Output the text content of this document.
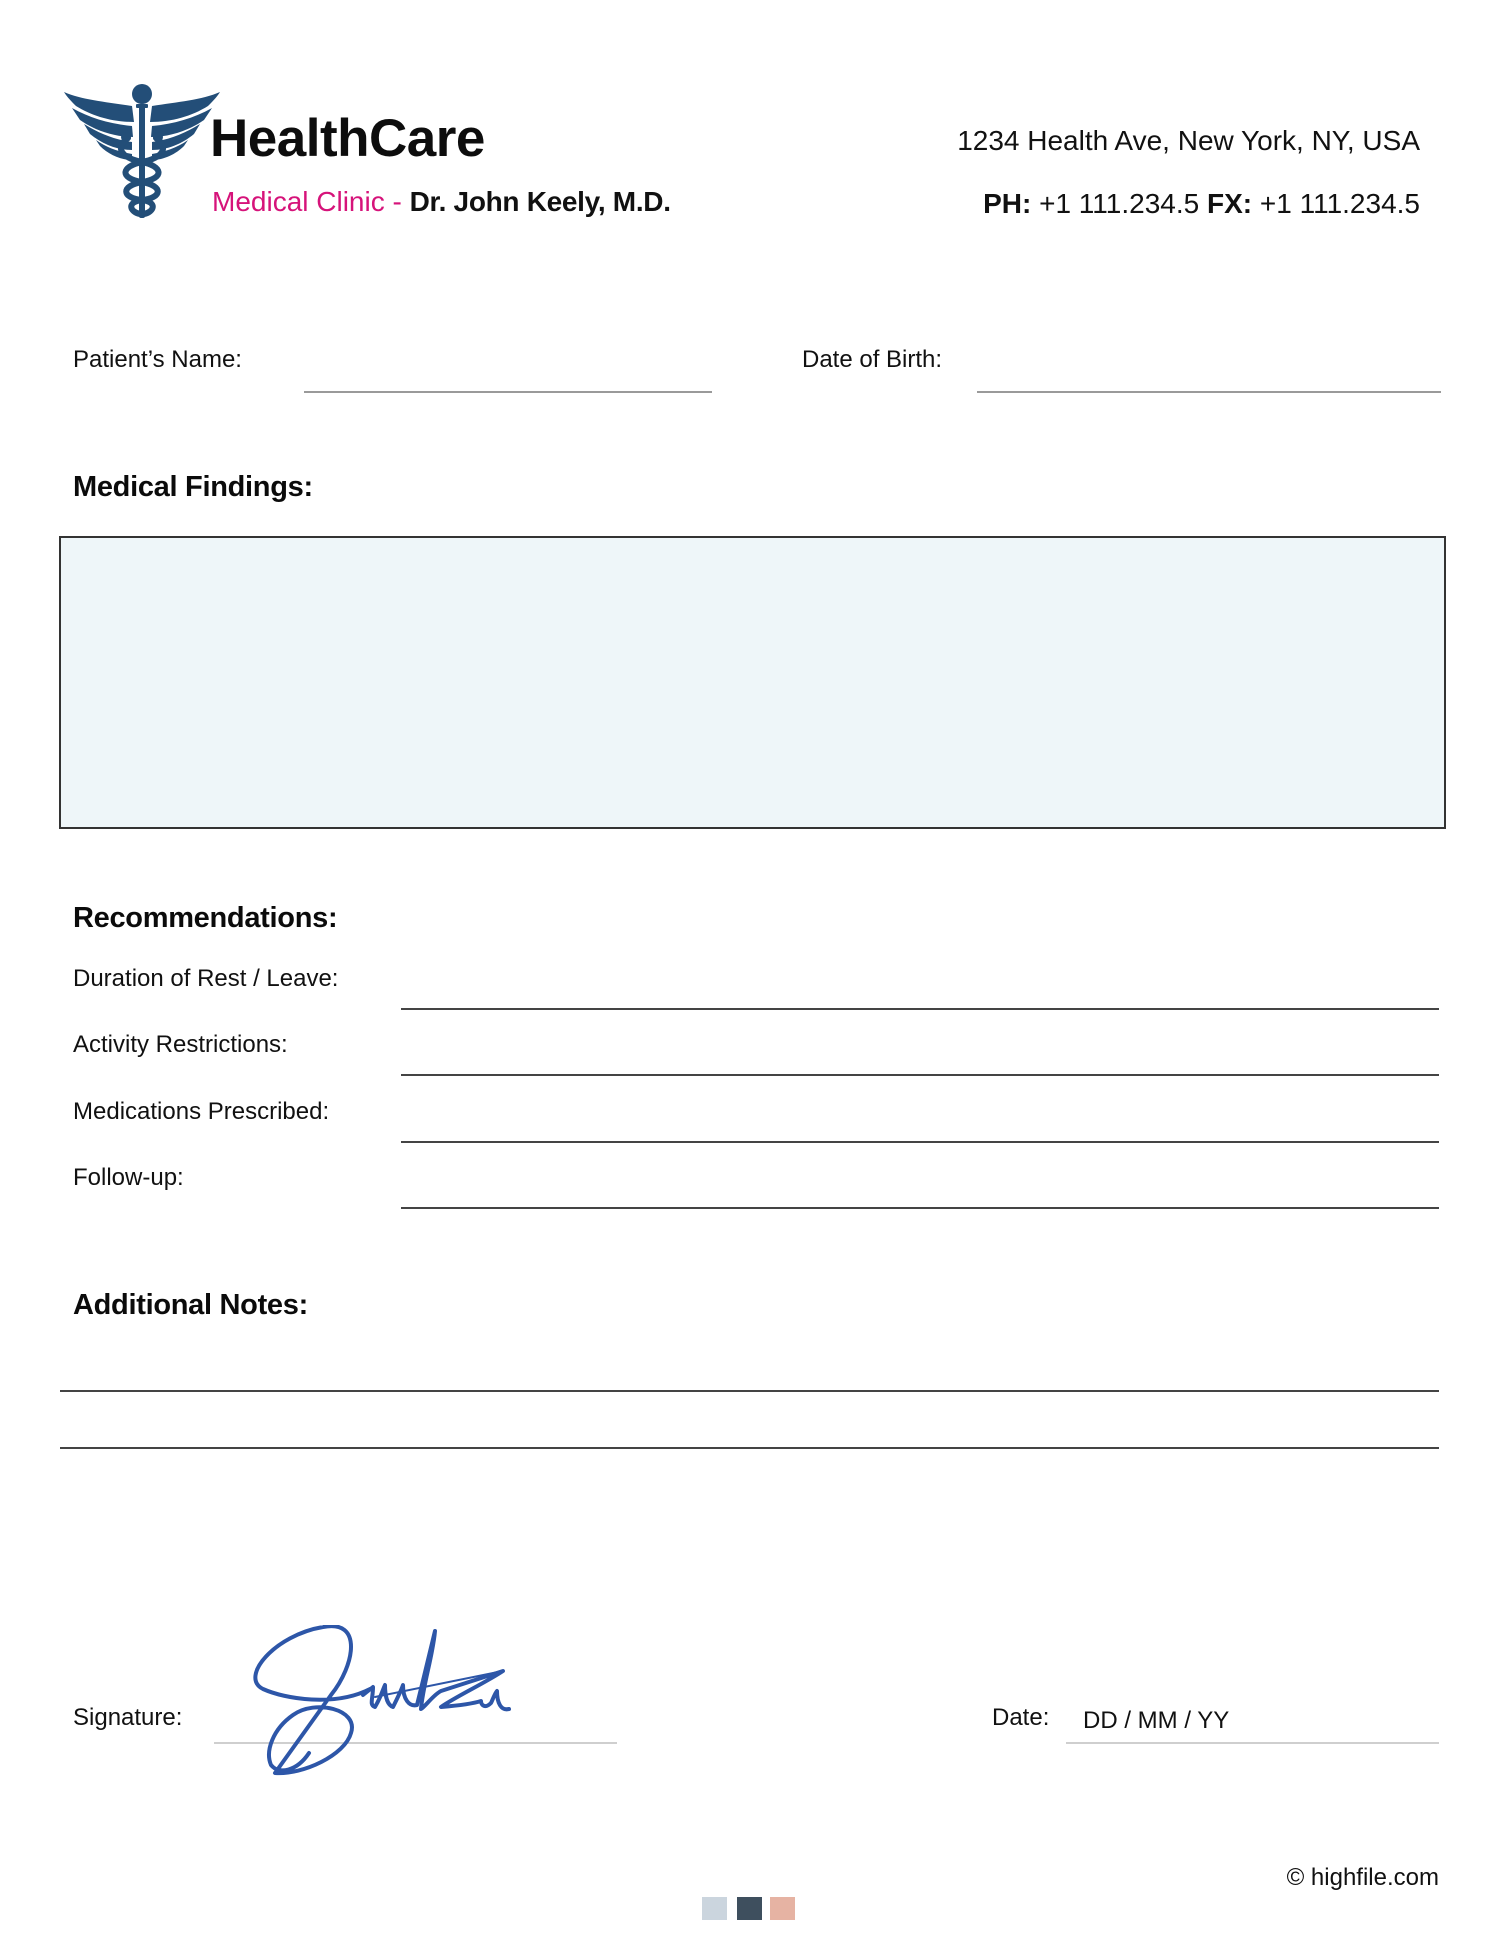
HealthCare
Medical Clinic - Dr. John Keely, M.D.
1234 Health Ave, New York, NY, USA
PH: +1 111.234.5 FX: +1 111.234.5
Patient’s Name:	Date of Birth:
Medical Findings:
Recommendations:
Duration of Rest / Leave:
Activity Restrictions:
Medications Prescribed:
Follow-up:
Additional Notes:
Signature:	Date:
DD / MM / YY
© highfile.com
